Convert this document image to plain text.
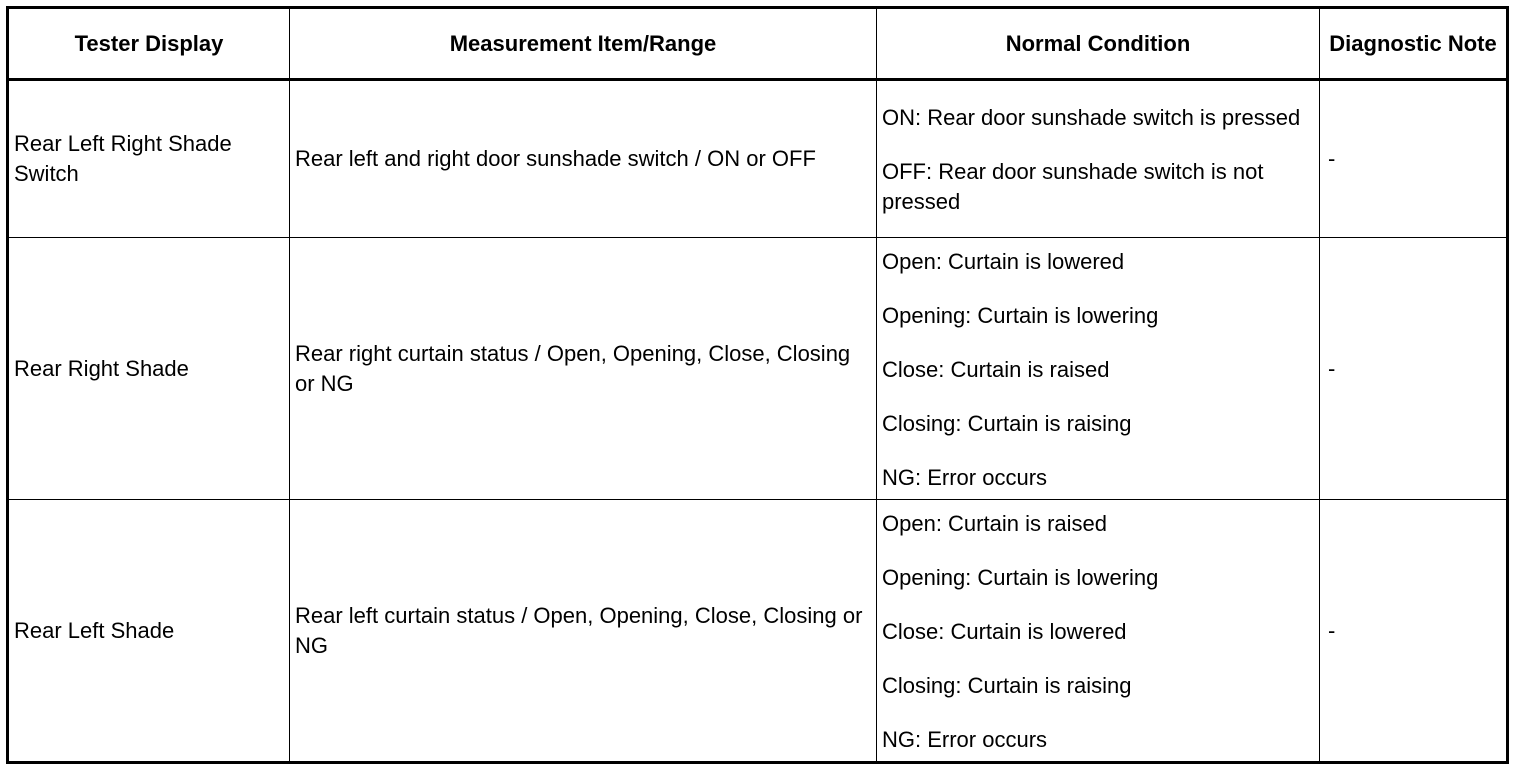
Tester Display	Measurement Item/Range	Normal Condition	Diagnostic Note
Rear Left Right Shade Switch	Rear left and right door sunshade switch / ON or OFF	ON: Rear door sunshade switch is pressed
OFF: Rear door sunshade switch is not pressed	-
Rear Right Shade	Rear right curtain status / Open, Opening, Close, Closing or NG	Open: Curtain is lowered
Opening: Curtain is lowering
Close: Curtain is raised
Closing: Curtain is raising
NG: Error occurs	-
Rear Left Shade	Rear left curtain status / Open, Opening, Close, Closing or NG	Open: Curtain is raised
Opening: Curtain is lowering
Close: Curtain is lowered
Closing: Curtain is raising
NG: Error occurs	-
